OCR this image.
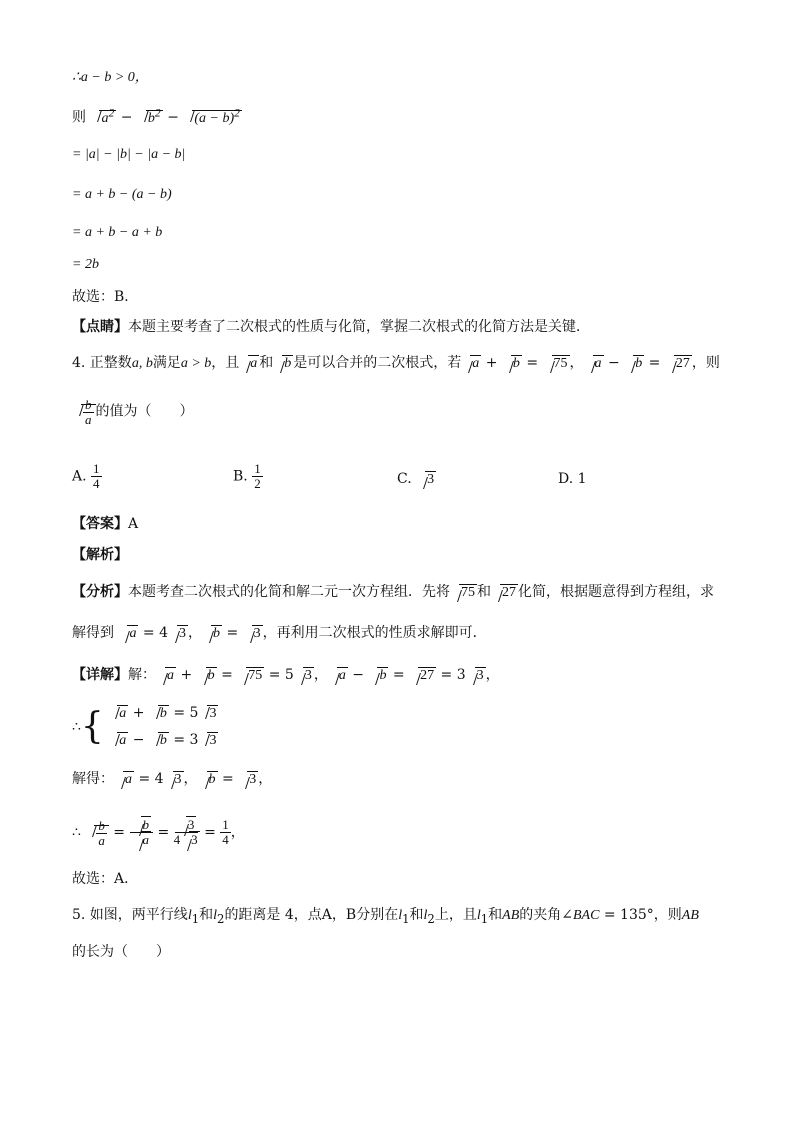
∴a − b > 0，
则 $a^2 - b^2 - (a - b)^2$
= |a| − |b| − |a − b|
= a + b − (a − b)
= a + b − a + b
= 2b
故选：B．
【点睛】本题主要考查了二次根式的性质与化简，掌握二次根式的化简方法是关键．
4. 正整数a, b满足a > b，且 a 和 b 是可以合并的二次根式，若 a + b = 75 ， a − b = 27 ，则
$\frac{b}{a}$ 的值为（　　）
A. $\frac{1}{4}$	B. $\frac{1}{2}$	C. 3	D. 1
【答案】A
【解析】
【分析】本题考查二次根式的化简和解二元一次方程组．先将 75 和 27 化简，根据题意得到方程组，求
解得到 a = 4 3 ， b = 3 ，再利用二次根式的性质求解即可．
【详解】解： a + b = 75 = 5 3 ， a − b = 27 = 3 3 ，
∴{ a + b = 5 3
a − b = 3 3
解得： a = 4 3 ， b = 3 ，
∴ $\frac{b}{a} = \frac{b}{a} = \frac{3}{4 3} = \frac{1}{4}$ ，
故选：A．
5. 如图，两平行线$l_1$和$l_2$的距离是 4，点A，B分别在$l_1$和$l_2$上，且$l_1$和AB的夹角∠BAC = 135°，则AB
的长为（　　）
